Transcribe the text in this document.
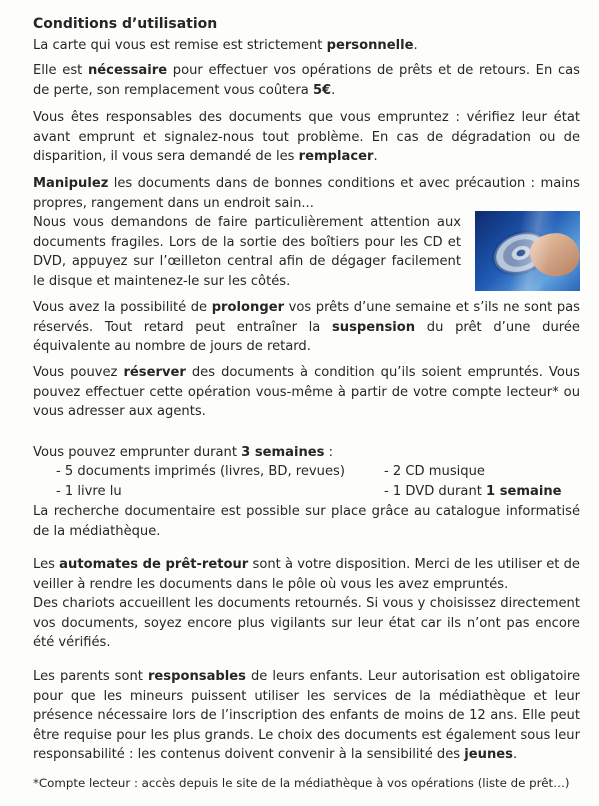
Conditions d’utilisation

La carte qui vous est remise est strictement personnelle.

Elle est nécessaire pour effectuer vos opérations de prêts et de retours. En cas de perte, son remplacement vous coûtera 5€.

Vous êtes responsables des documents que vous empruntez : vérifiez leur état avant emprunt et signalez-nous tout problème. En cas de dégradation ou de disparition, il vous sera demandé de les remplacer.

Manipulez les documents dans de bonnes conditions et avec précaution : mains propres, rangement dans un endroit sain...

Nous vous demandons de faire particulièrement attention aux documents fragiles. Lors de la sortie des boîtiers pour les CD et DVD, appuyez sur l’œilleton central afin de dégager facilement le disque et maintenez-le sur les côtés.

Vous avez la possibilité de prolonger vos prêts d’une semaine et s’ils ne sont pas réservés. Tout retard peut entraîner la suspension du prêt d’une durée équivalente au nombre de jours de retard.

Vous pouvez réserver des documents à condition qu’ils soient empruntés. Vous pouvez effectuer cette opération vous-même à partir de votre compte lecteur* ou vous adresser aux agents.

Vous pouvez emprunter durant 3 semaines :

- 5 documents imprimés (livres, BD, revues)	- 2 CD musique
- 1 livre lu	- 1 DVD durant 1 semaine

La recherche documentaire est possible sur place grâce au catalogue informatisé de la médiathèque.

Les automates de prêt-retour sont à votre disposition. Merci de les utiliser et de veiller à rendre les documents dans le pôle où vous les avez empruntés.

Des chariots accueillent les documents retournés. Si vous y choisissez directement vos documents, soyez encore plus vigilants sur leur état car ils n’ont pas encore été vérifiés.

Les parents sont responsables de leurs enfants. Leur autorisation est obligatoire pour que les mineurs puissent utiliser les services de la médiathèque et leur présence nécessaire lors de l’inscription des enfants de moins de 12 ans. Elle peut être requise pour les plus grands. Le choix des documents est également sous leur responsabilité : les contenus doivent convenir à la sensibilité des jeunes.

*Compte lecteur : accès depuis le site de la médiathèque à vos opérations (liste de prêt…)
